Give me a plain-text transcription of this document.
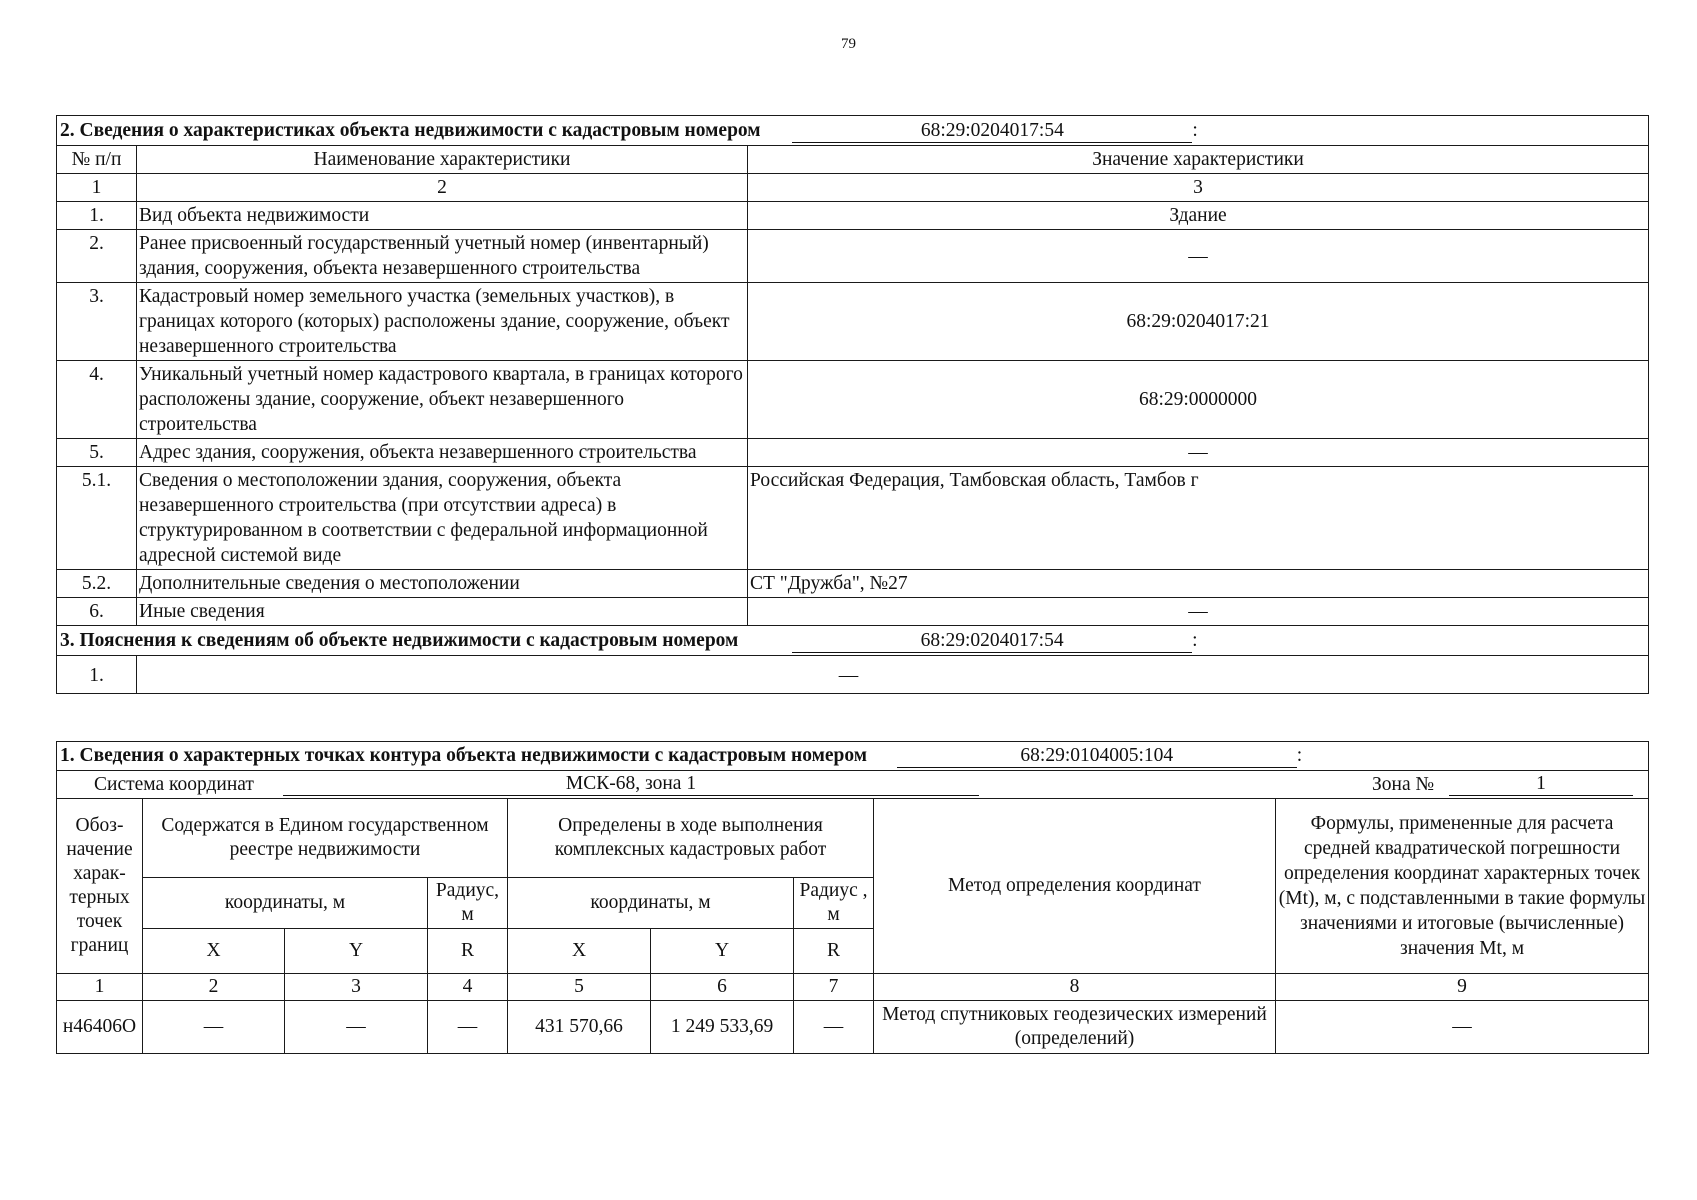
79
2. Сведения о характеристиках объекта недвижимости с кадастровым номером 68:29:0204017:54 :		
№ п/п	Наименование характеристики	Значение характеристики
1	2	3
1.	Вид объекта недвижимости	Здание
2.	Ранее присвоенный государственный учетный номер (инвентарный) здания, сооружения, объекта незавершенного строительства	—
3.	Кадастровый номер земельного участка (земельных участков), в границах которого (которых) расположены здание, сооружение, объект незавершенного строительства	68:29:0204017:21
4.	Уникальный учетный номер кадастрового квартала, в границах которого расположены здание, сооружение, объект незавершенного строительства	68:29:0000000
5.	Адрес здания, сооружения, объекта незавершенного строительства	—
5.1.	Сведения о местоположении здания, сооружения, объекта незавершенного строительства (при отсутствии адреса) в структурированном в соответствии с федеральной информационной адресной системой виде	Российская Федерация, Тамбовская область, Тамбов г
5.2.	Дополнительные сведения о местоположении	СТ "Дружба", №27
6.	Иные сведения	—
3. Пояснения к сведениям об объекте недвижимости с кадастровым номером 68:29:0204017:54 :		
1.	—	
1. Сведения о характерных точках контура объекта недвижимости с кадастровым номером 68:29:0104005:104 :								

Система координат МСК-68, зона 1 Зона № 1								

Обоз-начение харак-терных точек границ	Содержатся в Едином государственном реестре недвижимости			Определены в ходе выполнения комплексных кадастровых работ			Метод определения координат	Формулы, примененные для расчета средней квадратической погрешности определения координат характерных точек (Mt), м, с подставленными в такие формулы значениями и итоговые (вычисленные) значения Mt, м
	координаты, м		Радиус, м	координаты, м		Радиус , м		
	X	Y	R	X	Y	R		
1	2	3	4	5	6	7	8	9
н46406О	—	—	—	431 570,66	1 249 533,69	—	Метод спутниковых геодезических измерений (определений)	—
